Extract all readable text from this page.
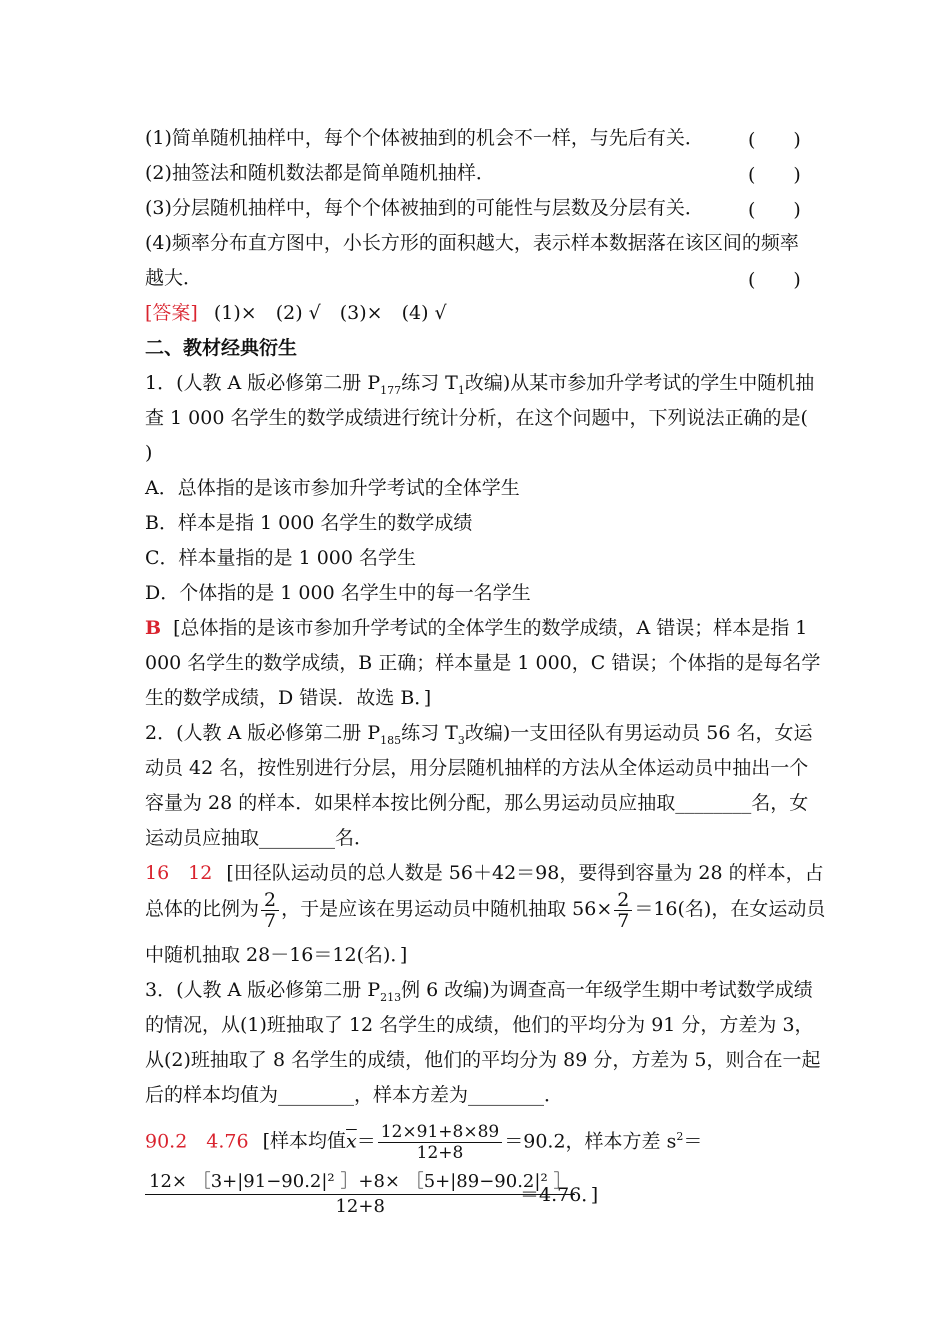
(1)简单随机抽样中，每个个体被抽到的机会不一样，与先后有关．	(　　)
(2)抽签法和随机数法都是简单随机抽样．	(　　)
(3)分层随机抽样中，每个个体被抽到的可能性与层数及分层有关．	(　　)
(4)频率分布直方图中，小长方形的面积越大，表示样本数据落在该区间的频率
越大．	(　　)
[答案] (1)×　(2) √　(3)×　(4) √
二、教材经典衍生
1．(人教 A 版必修第二册 $P_{177}$练习 $T_1$改编)从某市参加升学考试的学生中随机抽
查 1 000 名学生的数学成绩进行统计分析，在这个问题中，下列说法正确的是(
)
A．总体指的是该市参加升学考试的全体学生
B．样本是指 1 000 名学生的数学成绩
C．样本量指的是 1 000 名学生
D．个体指的是 1 000 名学生中的每一名学生
B [总体指的是该市参加升学考试的全体学生的数学成绩，A 错误；样本是指 1
000 名学生的数学成绩，B 正确；样本量是 1 000，C 错误；个体指的是每名学
生的数学成绩，D 错误．故选 B．]
2．(人教 A 版必修第二册 $P_{185}$练习 $T_3$改编)一支田径队有男运动员 56 名，女运
动员 42 名，按性别进行分层，用分层随机抽样的方法从全体运动员中抽出一个
容量为 28 的样本．如果样本按比例分配，那么男运动员应抽取________名，女
运动员应抽取________名．
16　12 [田径队运动员的总人数是 56＋42＝98，要得到容量为 28 的样本，占
总体的比例为 $\frac{2}{7}$ ，于是应该在男运动员中随机抽取 $56\times \frac{2}{7} =16$(名)，在女运动员
中随机抽取 28－16＝12(名)．]
3．(人教 A 版必修第二册 $P_{213}$例 6 改编)为调查高一年级学生期中考试数学成绩
的情况，从(1)班抽取了 12 名学生的成绩，他们的平均分为 91 分，方差为 3，
从(2)班抽取了 8 名学生的成绩，他们的平均分为 89 分，方差为 5，则合在一起
后的样本均值为________，样本方差为________．
90.2　4.76 [样本均值$\overline{x}= \frac{12\times 91+8\times 89}{12+8} =90.2$，样本方差 $s^2=$
$\frac{\text{12× ［3+|91−90.2|² ］+8× ［5+|89−90.2|² ］}}{12+8}$
＝4.76．]
